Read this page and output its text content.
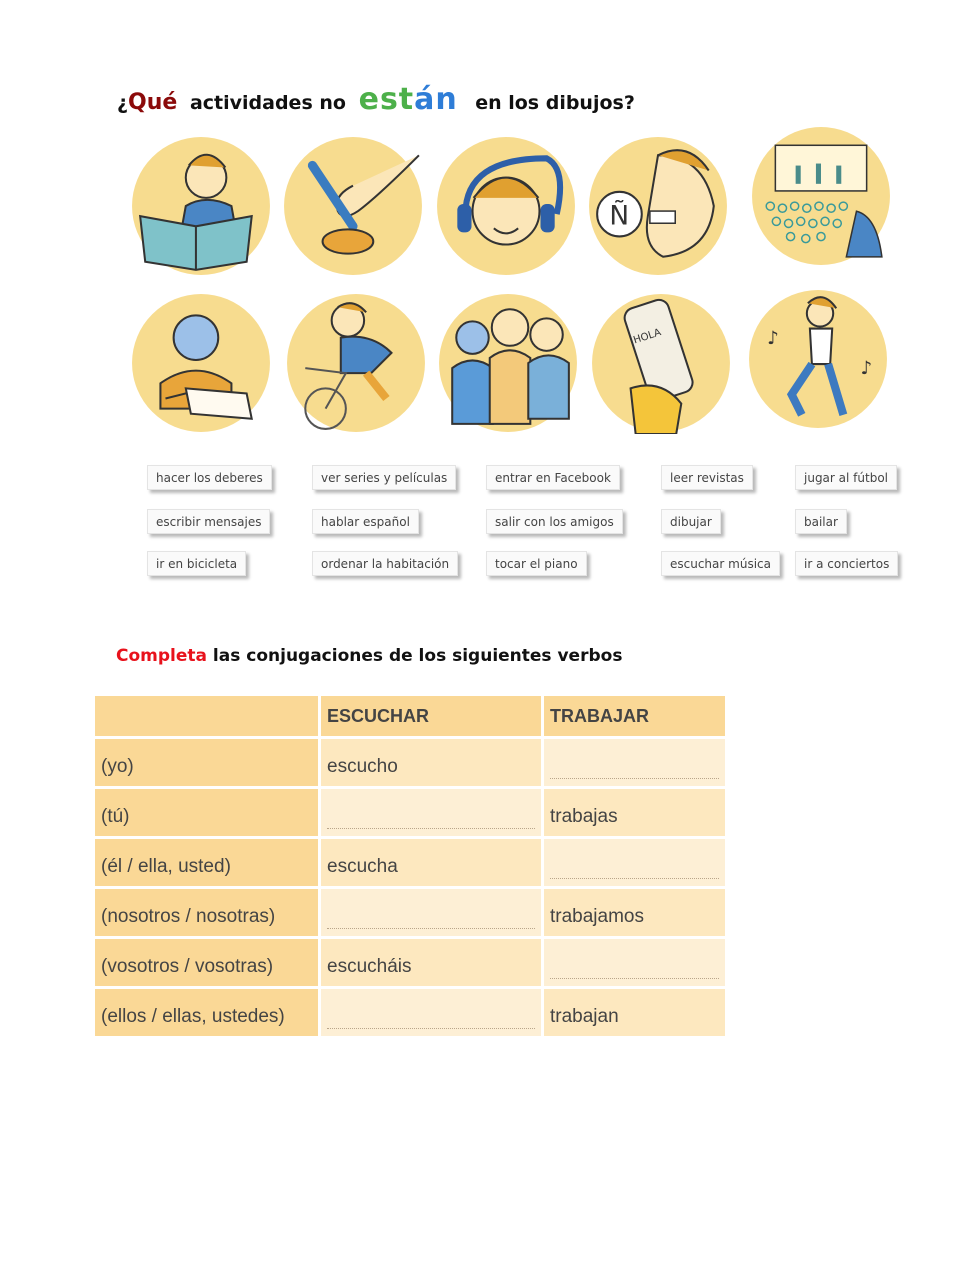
¿Qué actividades no están en los dibujos?
Ñ
HOLA	♪
♪
hacer los deberes	ver series y películas	entrar en Facebook	leer revistas	jugar al fútbol
escribir mensajes	hablar español	salir con los amigos	dibujar	bailar
ir en bicicleta	ordenar la habitación	tocar el piano	escuchar música	ir a conciertos
Completa las conjugaciones de los siguientes verbos
	ESCUCHAR	TRABAJAR
(yo)	escucho	

(tú)		trabajas
(él / ella, usted)	escucha	

(nosotros / nosotras)		trabajamos
(vosotros / vosotras)	escucháis	

(ellos / ellas, ustedes)		trabajan
